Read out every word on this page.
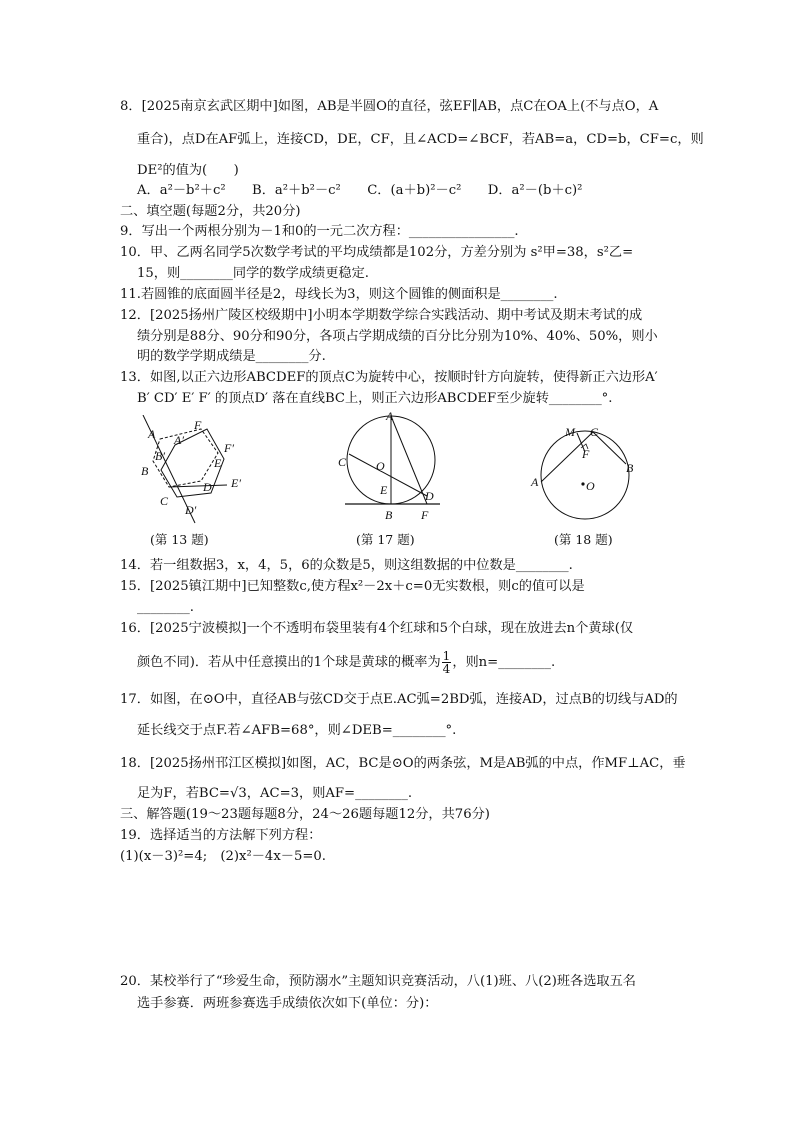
8．[2025南京玄武区期中]如图，AB是半圆O的直径，弦EF∥AB，点C在OA上(不与点O，A
重合)，点D在AF弧上，连接CD，DE，CF，且∠ACD=∠BCF，若AB=a，CD=b，CF=c，则
DE²的值为(　　)
A．a²－b²＋c²　　B．a²＋b²－c²　　C．(a＋b)²－c²　　D．a²－(b＋c)²
二、填空题(每题2分，共20分)
9．写出一个两根分别为－1和0的一元二次方程：________________.
10．甲、乙两名同学5次数学考试的平均成绩都是102分，方差分别为 s²甲=38，s²乙=
15，则________同学的数学成绩更稳定.
11.若圆锥的底面圆半径是2，母线长为3，则这个圆锥的侧面积是________.
12．[2025扬州广陵区校级期中]小明本学期数学综合实践活动、期中考试及期末考试的成
绩分别是88分、90分和90分，各项占学期成绩的百分比分别为10%、40%、50%，则小
明的数学学期成绩是________分.
13．如图,以正六边形ABCDEF的顶点C为旋转中心，按顺时针方向旋转，使得新正六边形A′
B′ CD′ E′ F′ 的顶点D′ 落在直线BC上，则正六边形ABCDEF至少旋转________°.
A A′
F
F′
B
B′	E
C
D E′
D′
(第 13 题)
A
C O
E	D
B F
(第 17 题)
M C
F
B
A	O
(第 18 题)
14．若一组数据3，x，4，5，6的众数是5，则这组数据的中位数是________.
15．[2025镇江期中]已知整数c,使方程x²－2x＋c=0无实数根，则c的值可以是
________.
16．[2025宁波模拟]一个不透明布袋里装有4个红球和5个白球，现在放进去n个黄球(仅
颜色不同)．若从中任意摸出的1个球是黄球的概率为 $\frac{1}{4}$ ，则n=________.
17．如图，在⊙O中，直径AB与弦CD交于点E.AC弧=2BD弧，连接AD，过点B的切线与AD的
延长线交于点F.若∠AFB=68°，则∠DEB=________°.
18．[2025扬州邗江区模拟]如图，AC，BC是⊙O的两条弦，M是AB弧的中点，作MF⊥AC，垂
足为F，若BC=√3，AC=3，则AF=________.
三、解答题(19～23题每题8分，24～26题每题12分，共76分)
19．选择适当的方法解下列方程：
(1)(x－3)²=4;　(2)x²－4x－5=0.
20．某校举行了“珍爱生命，预防溺水”主题知识竞赛活动，八(1)班、八(2)班各选取五名
选手参赛．两班参赛选手成绩依次如下(单位：分)：
